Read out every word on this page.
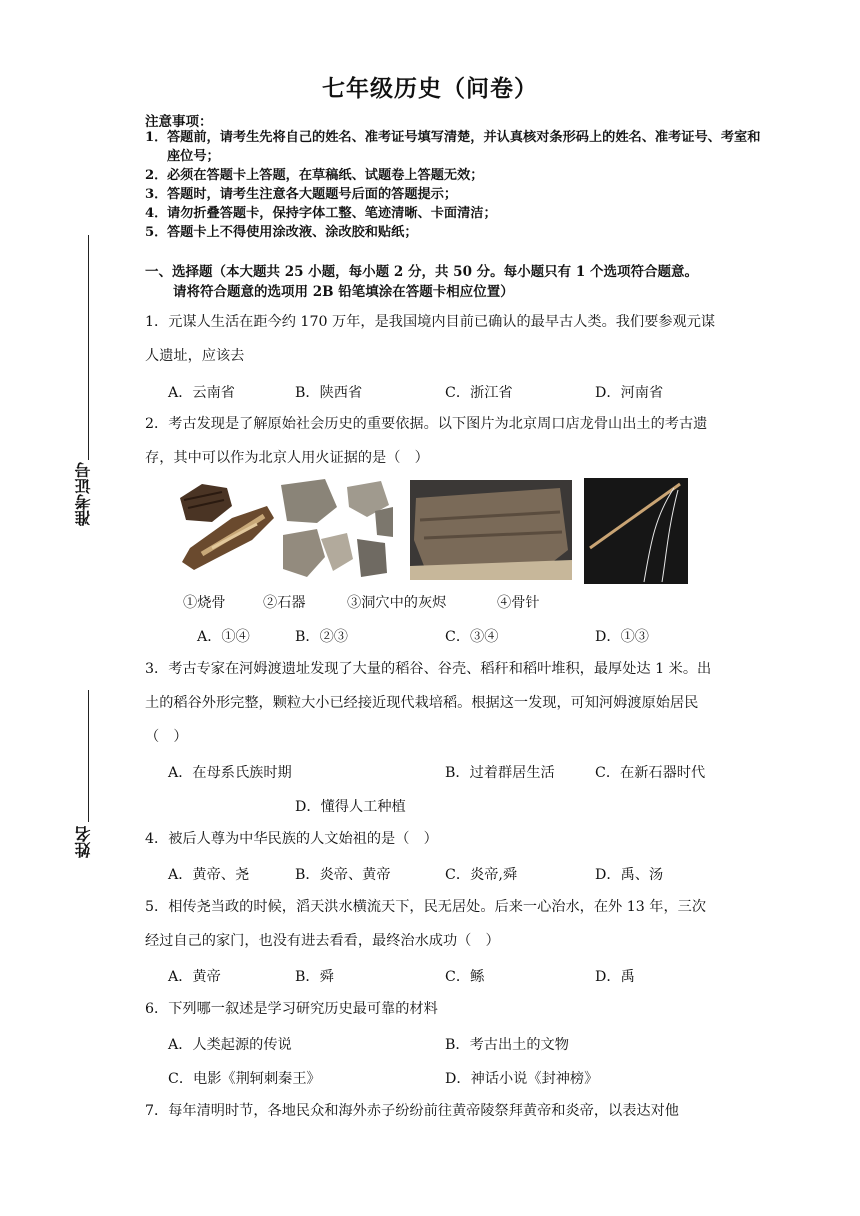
七年级历史（问卷）
注意事项：
1． 答题前，请考生先将自己的姓名、准考证号填写清楚，并认真核对条形码上的姓名、准考证号、考室和座位号；
2． 必须在答题卡上答题，在草稿纸、试题卷上答题无效；
3． 答题时，请考生注意各大题题号后面的答题提示；
4． 请勿折叠答题卡，保持字体工整、笔迹清晰、卡面清洁；
5． 答题卡上不得使用涂改液、涂改胶和贴纸；
准考证号
姓名
一、选择题（本大题共 25 小题，每小题 2 分，共 50 分。每小题只有 1 个选项符合题意。
请将符合题意的选项用 2B 铅笔填涂在答题卡相应位置）
1．元谋人生活在距今约 170 万年，是我国境内目前已确认的最早古人类。我们要参观元谋人遗址，应该去
A．云南省	B．陕西省	C．浙江省	D．河南省
2．考古发现是了解原始社会历史的重要依据。以下图片为北京周口店龙骨山出土的考古遗存，其中可以作为北京人用火证据的是（　）
①烧骨	②石器	③洞穴中的灰烬	④骨针
A．①④	B．②③	C．③④	D．①③
3．考古专家在河姆渡遗址发现了大量的稻谷、谷壳、稻秆和稻叶堆积，最厚处达 1 米。出土的稻谷外形完整，颗粒大小已经接近现代栽培稻。根据这一发现，可知河姆渡原始居民（　）
A．在母系氏族时期	B．过着群居生活	C．在新石器时代
D．懂得人工种植
4．被后人尊为中华民族的人文始祖的是（　）
A．黄帝、尧	B．炎帝、黄帝	C．炎帝,舜	D．禹、汤
5．相传尧当政的时候，滔天洪水横流天下，民无居处。后来一心治水，在外 13 年，三次经过自己的家门，也没有进去看看，最终治水成功（　）
A．黄帝	B．舜	C．鲧	D．禹
6．下列哪一叙述是学习研究历史最可靠的材料
A．人类起源的传说	B．考古出土的文物
C．电影《荆轲刺秦王》	D．神话小说《封神榜》
7．每年清明时节，各地民众和海外赤子纷纷前往黄帝陵祭拜黄帝和炎帝，以表达对他
